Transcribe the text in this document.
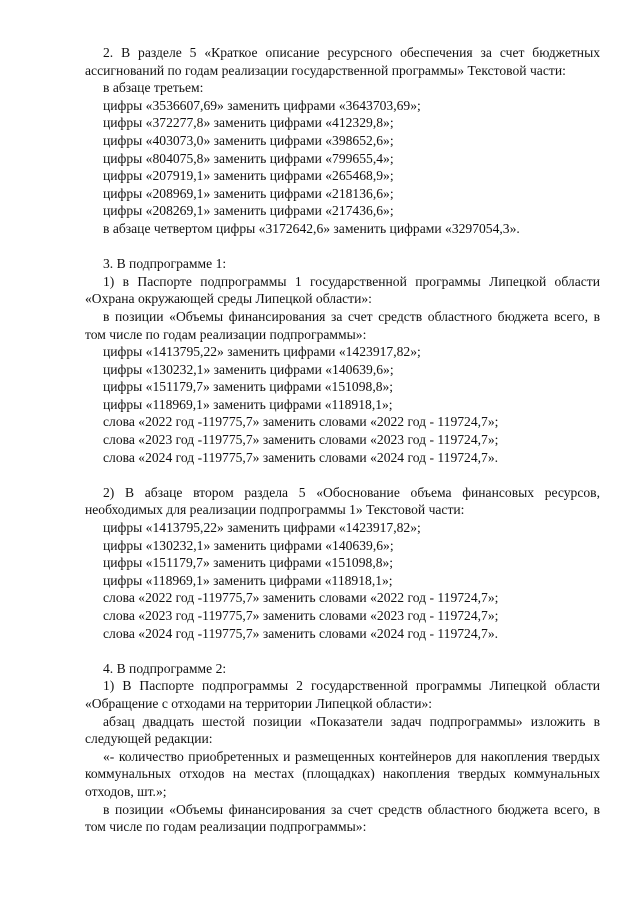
2. В разделе 5 «Краткое описание ресурсного обеспечения за счет бюджетных ассигнований по годам реализации государственной программы» Текстовой части:

в абзаце третьем:

цифры «3536607,69» заменить цифрами «3643703,69»;

цифры «372277,8» заменить цифрами «412329,8»;

цифры «403073,0» заменить цифрами «398652,6»;

цифры «804075,8» заменить цифрами «799655,4»;

цифры «207919,1» заменить цифрами «265468,9»;

цифры «208969,1» заменить цифрами «218136,6»;

цифры «208269,1» заменить цифрами «217436,6»;

в абзаце четвертом цифры «3172642,6» заменить цифрами «3297054,3».

3. В подпрограмме 1:

1) в Паспорте подпрограммы 1 государственной программы Липецкой области «Охрана окружающей среды Липецкой области»:

в позиции «Объемы финансирования за счет средств областного бюджета всего, в том числе по годам реализации подпрограммы»:

цифры «1413795,22» заменить цифрами «1423917,82»;

цифры «130232,1» заменить цифрами «140639,6»;

цифры «151179,7» заменить цифрами «151098,8»;

цифры «118969,1» заменить цифрами «118918,1»;

слова «2022 год -119775,7» заменить словами «2022 год - 119724,7»;

слова «2023 год -119775,7» заменить словами «2023 год - 119724,7»;

слова «2024 год -119775,7» заменить словами «2024 год - 119724,7».

2) В абзаце втором раздела 5 «Обоснование объема финансовых ресурсов, необходимых для реализации подпрограммы 1» Текстовой части:

цифры «1413795,22» заменить цифрами «1423917,82»;

цифры «130232,1» заменить цифрами «140639,6»;

цифры «151179,7» заменить цифрами «151098,8»;

цифры «118969,1» заменить цифрами «118918,1»;

слова «2022 год -119775,7» заменить словами «2022 год - 119724,7»;

слова «2023 год -119775,7» заменить словами «2023 год - 119724,7»;

слова «2024 год -119775,7» заменить словами «2024 год - 119724,7».

4. В подпрограмме 2:

1) В Паспорте подпрограммы 2 государственной программы Липецкой области «Обращение с отходами на территории Липецкой области»:

абзац двадцать шестой позиции «Показатели задач подпрограммы» изложить в следующей редакции:

«- количество приобретенных и размещенных контейнеров для накопления твердых коммунальных отходов на местах (площадках) накопления твердых коммунальных отходов, шт.»;

в позиции «Объемы финансирования за счет средств областного бюджета всего, в том числе по годам реализации подпрограммы»:
